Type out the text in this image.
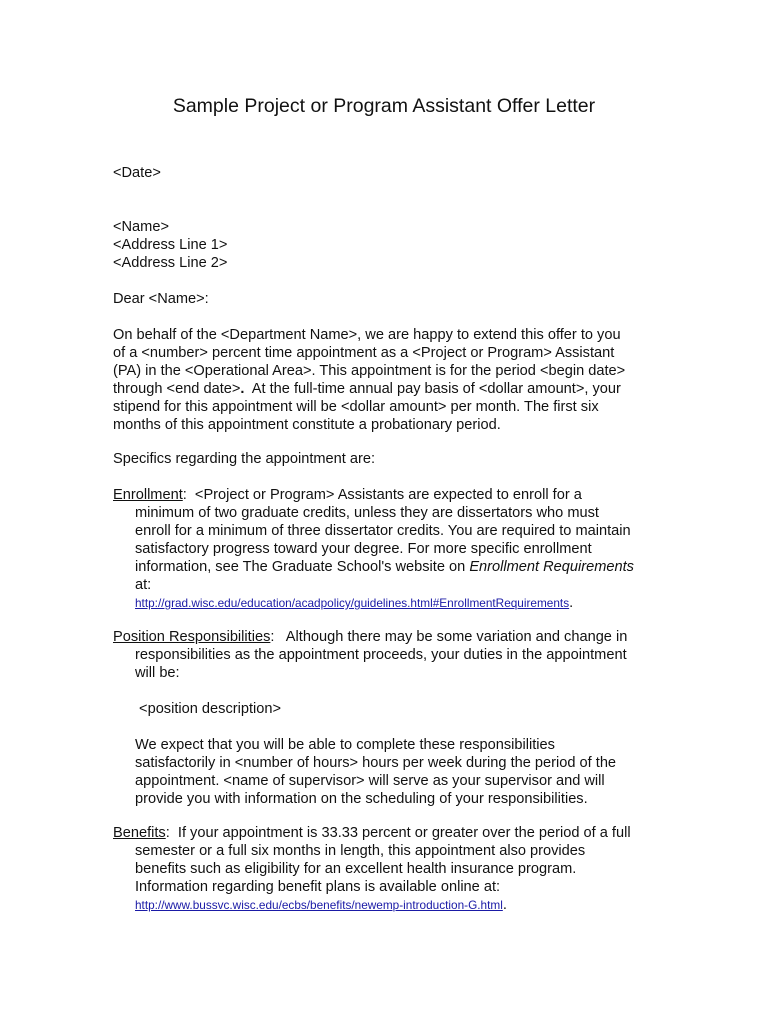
Sample Project or Program Assistant Offer Letter
<Date>
<Name>
<Address Line 1>
<Address Line 2>
Dear <Name>:
On behalf of the <Department Name>, we are happy to extend this offer to you
of a <number> percent time appointment as a <Project or Program> Assistant
(PA) in the <Operational Area>. This appointment is for the period <begin date>
through <end date>.  At the full-time annual pay basis of <dollar amount>, your
stipend for this appointment will be <dollar amount> per month. The first six
months of this appointment constitute a probationary period.
Specifics regarding the appointment are:
Enrollment:  <Project or Program> Assistants are expected to enroll for a
minimum of two graduate credits, unless they are dissertators who must
enroll for a minimum of three dissertator credits. You are required to maintain
satisfactory progress toward your degree. For more specific enrollment
information, see The Graduate School's website on Enrollment Requirements
at:
http://grad.wisc.edu/education/acadpolicy/guidelines.html#EnrollmentRequirements.
Position Responsibilities:   Although there may be some variation and change in
responsibilities as the appointment proceeds, your duties in the appointment
will be:
<position description>
We expect that you will be able to complete these responsibilities
satisfactorily in <number of hours> hours per week during the period of the
appointment. <name of supervisor> will serve as your supervisor and will
provide you with information on the scheduling of your responsibilities.
Benefits:  If your appointment is 33.33 percent or greater over the period of a full
semester or a full six months in length, this appointment also provides
benefits such as eligibility for an excellent health insurance program.
Information regarding benefit plans is available online at:
http://www.bussvc.wisc.edu/ecbs/benefits/newemp-introduction-G.html.
